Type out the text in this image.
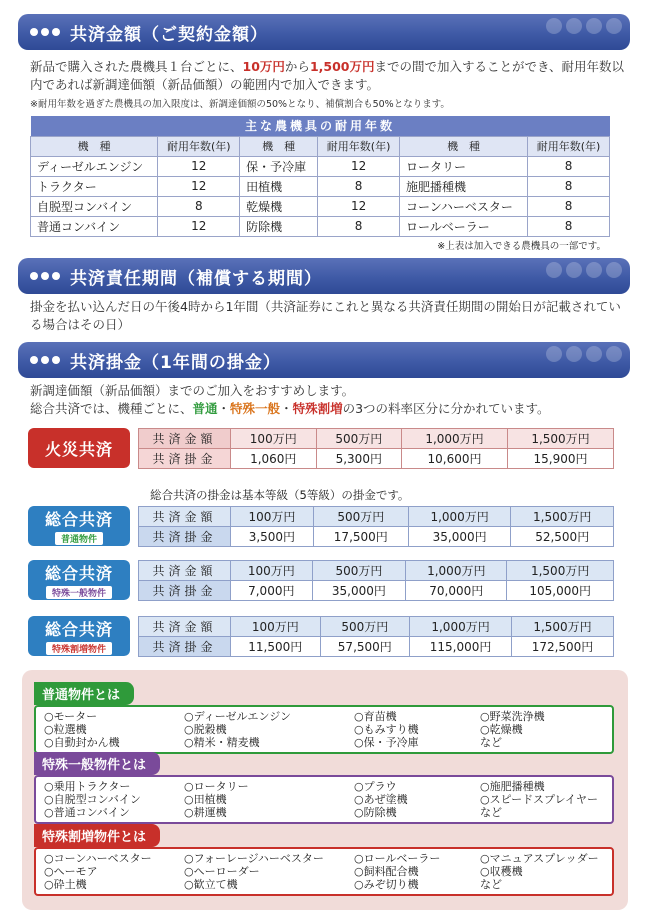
共済金額（ご契約金額）
新品で購入された農機具１台ごとに、10万円から1,500万円までの間で加入することができ、耐用年数以内であれば新調達価額（新品価額）の範囲内で加入できます。
※耐用年数を過ぎた農機具の加入限度は、新調達価額の50%となり、補償割合も50%となります。
主な農機具の耐用年数					
機　種	耐用年数(年)	機　種	耐用年数(年)	機　種	耐用年数(年)
ディーゼルエンジン	12	保・予冷庫	12	ロータリー	8
トラクター	12	田植機	8	施肥播種機	8
自脱型コンバイン	8	乾燥機	12	コーンハーベスター	8
普通コンバイン	12	防除機	8	ロールベーラー	8
※上表は加入できる農機具の一部です。
共済責任期間（補償する期間）
掛金を払い込んだ日の午後4時から1年間（共済証券にこれと異なる共済責任期間の開始日が記載されている場合はその日）
共済掛金（1年間の掛金）
新調達価額（新品価額）までのご加入をおすすめします。
総合共済では、機種ごとに、普通・特殊一般・特殊割増の3つの料率区分に分かれています。
火災共済
共済金額	100万円	500万円	1,000万円	1,500万円
共済掛金	1,060円	5,300円	10,600円	15,900円
総合共済の掛金は基本等級（5等級）の掛金です。
総合共済
普通物件
共済金額	100万円	500万円	1,000万円	1,500万円
共済掛金	3,500円	17,500円	35,000円	52,500円
総合共済
特殊一般物件
共済金額	100万円	500万円	1,000万円	1,500万円
共済掛金	7,000円	35,000円	70,000円	105,000円
総合共済
特殊割増物件
共済金額	100万円	500万円	1,000万円	1,500万円
共済掛金	11,500円	57,500円	115,000円	172,500円
普通物件とは
○モーター	○ディーゼルエンジン	○育苗機	○野菜洗浄機
○粒選機	○脱穀機	○もみすり機	○乾燥機
○自動封かん機	○精米・精麦機	○保・予冷庫	など
特殊一般物件とは
○乗用トラクター	○ロータリー	○プラウ	○施肥播種機
○自脱型コンバイン	○田植機	○あぜ塗機	○スピードスプレイヤー
○普通コンバイン	○耕運機	○防除機	など
特殊割増物件とは
○コーンハーベスター	○フォーレージハーベスター	○ロールベーラー	○マニュアスプレッダー
○ヘーモア	○ヘーローダー	○飼料配合機	○収穫機
○砕土機	○歓立て機	○みぞ切り機	など
